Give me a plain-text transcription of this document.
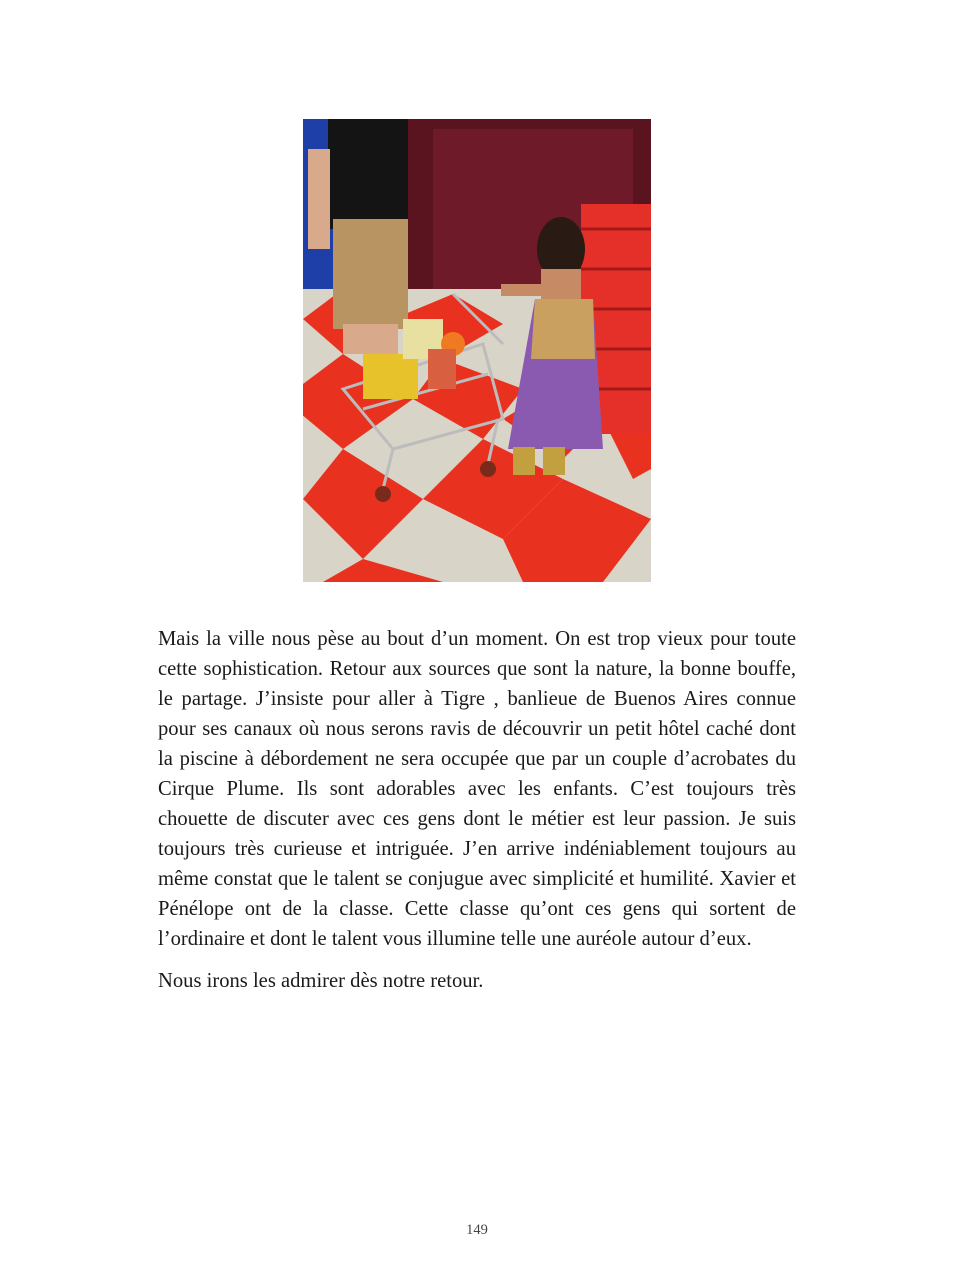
Mais la ville nous pèse au bout d’un moment. On est trop vieux pour toute cette sophistication. Retour aux sources que sont la nature, la bonne bouffe, le partage. J’insiste pour aller à Tigre , banlieue de Buenos Aires connue pour ses canaux où nous serons ravis de découvrir un petit hôtel caché dont la piscine à débordement ne sera occupée que par un couple d’acrobates du Cirque Plume. Ils sont adorables avec les enfants. C’est toujours très chouette de discuter avec ces gens dont le métier est leur passion. Je suis toujours très curieuse et intriguée. J’en arrive indéniablement toujours au même constat que le talent se conjugue avec simplicité et humilité. Xavier et Pénélope ont de la classe. Cette classe qu’ont ces gens qui sortent de l’ordinaire et dont le talent vous illumine telle une auréole autour d’eux.

Nous irons les admirer dès notre retour.

149
